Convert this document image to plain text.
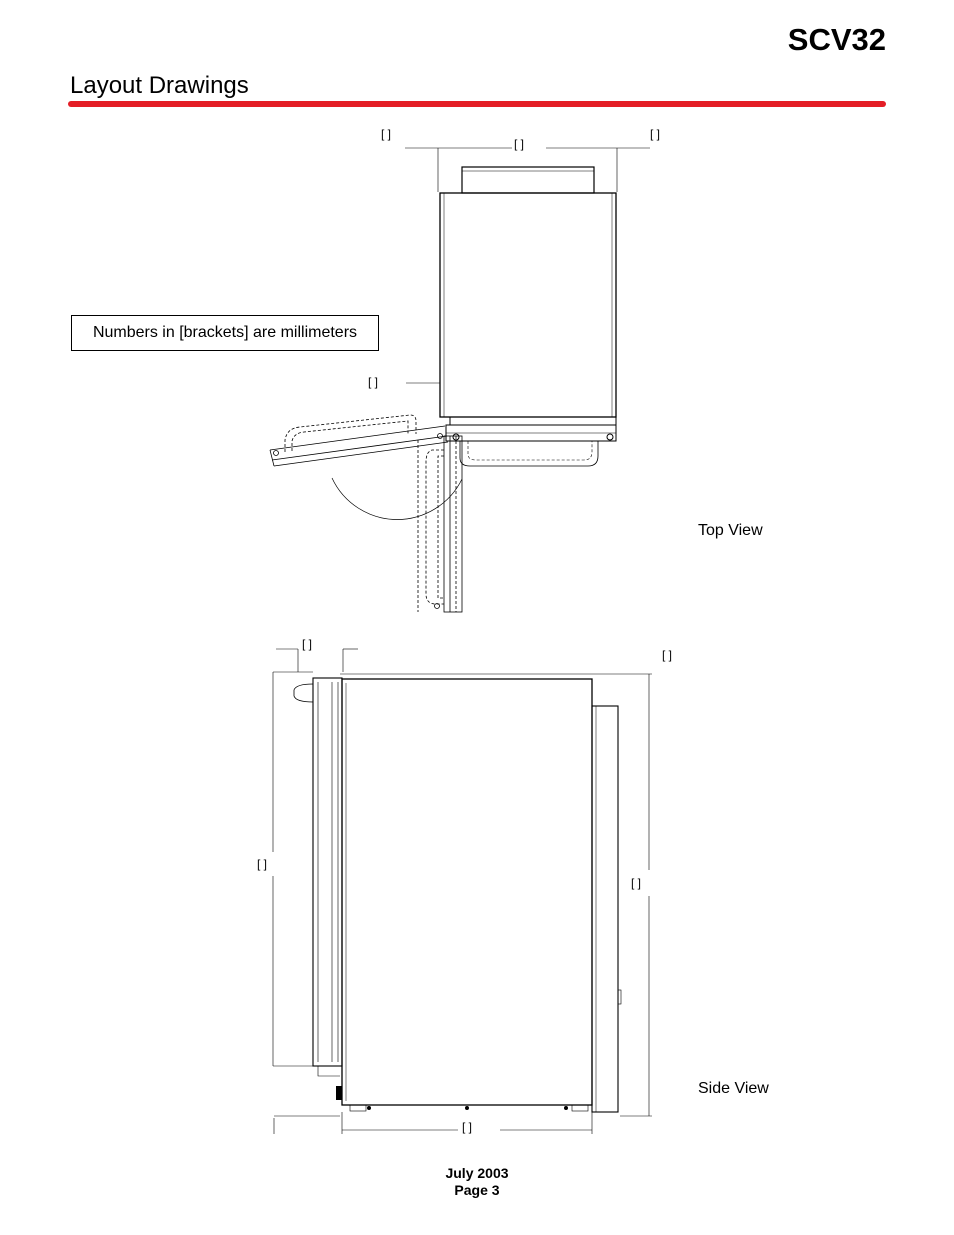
SCV32
Layout Drawings
Numbers in [brackets] are millimeters
[ ]
[ ]
[ ]
[ ]
[ ]
[ ]
[ ]
[ ]
[ ]
Top View
Side View
July 2003
Page 3
